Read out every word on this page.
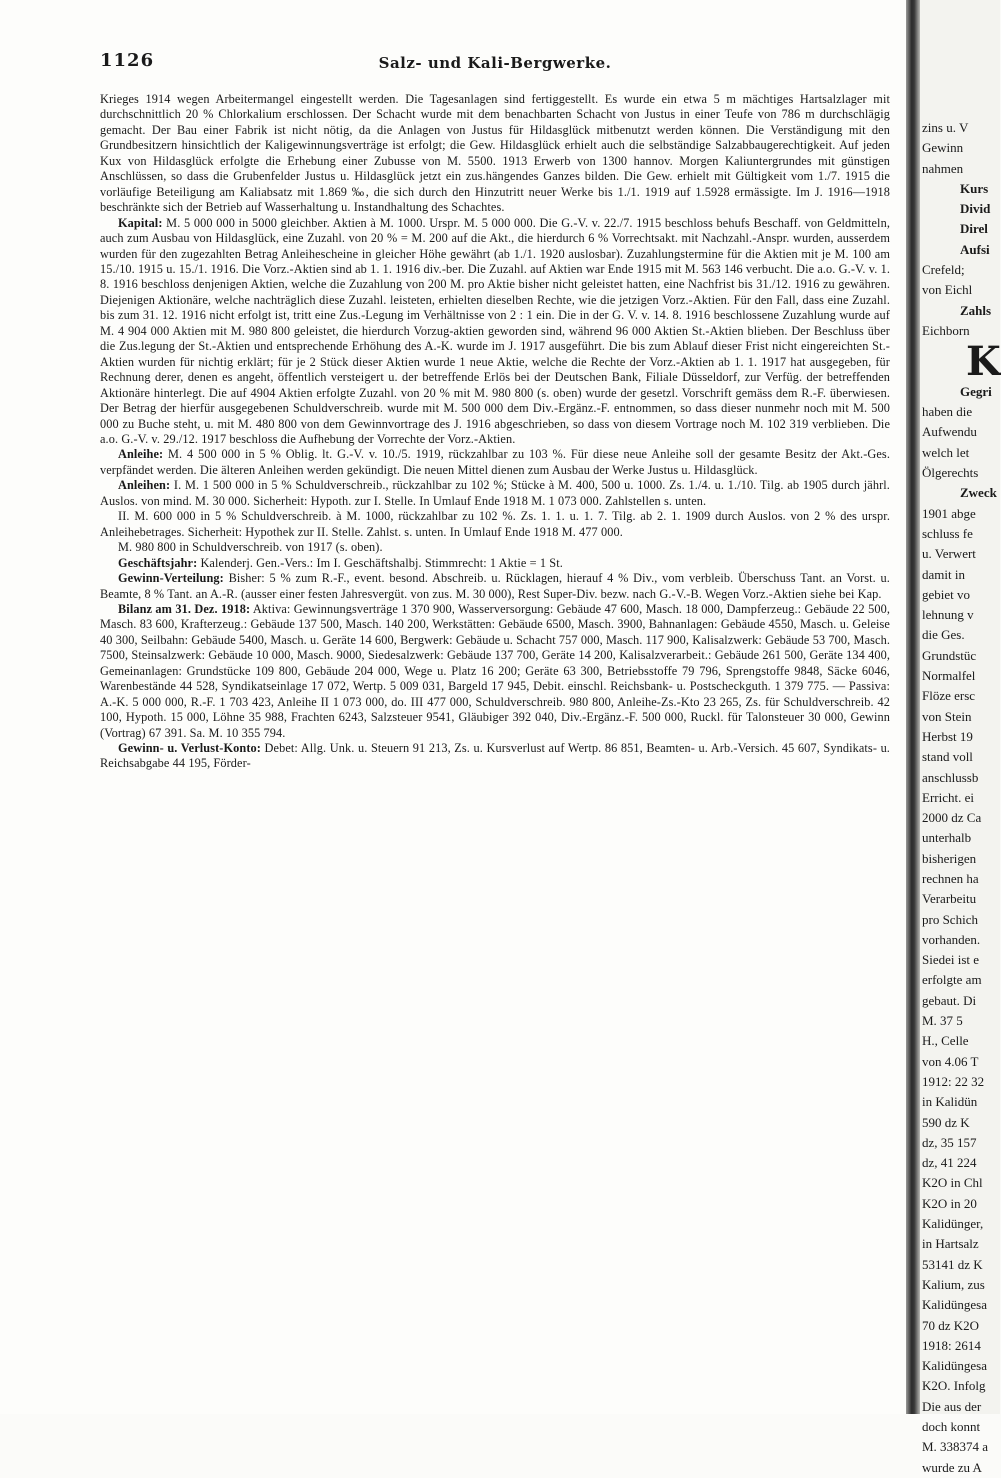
1126	Salz- und Kali-Bergwerke.

Krieges 1914 wegen Arbeitermangel eingestellt werden. Die Tagesanlagen sind fertiggestellt. Es wurde ein etwa 5 m mächtiges Hartsalzlager mit durchschnittlich 20 % Chlorkalium erschlossen. Der Schacht wurde mit dem benachbarten Schacht von Justus in einer Teufe von 786 m durchschlägig gemacht. Der Bau einer Fabrik ist nicht nötig, da die Anlagen von Justus für Hildasglück mitbenutzt werden können. Die Verständigung mit den Grundbesitzern hinsichtlich der Kaligewinnungsverträge ist erfolgt; die Gew. Hildasglück erhielt auch die selbständige Salzabbaugerechtigkeit. Auf jeden Kux von Hildasglück erfolgte die Erhebung einer Zubusse von M. 5500. 1913 Erwerb von 1300 hannov. Morgen Kaliuntergrundes mit günstigen Anschlüssen, so dass die Grubenfelder Justus u. Hildasglück jetzt ein zus.hängendes Ganzes bilden. Die Gew. erhielt mit Gültigkeit vom 1./7. 1915 die vorläufige Beteiligung am Kaliabsatz mit 1.869 ‰, die sich durch den Hinzutritt neuer Werke bis 1./1. 1919 auf 1.5928 ermässigte. Im J. 1916—1918 beschränkte sich der Betrieb auf Wasserhaltung u. Instandhaltung des Schachtes.

Kapital: M. 5 000 000 in 5000 gleichber. Aktien à M. 1000. Urspr. M. 5 000 000. Die G.-V. v. 22./7. 1915 beschloss behufs Beschaff. von Geldmitteln, auch zum Ausbau von Hildasglück, eine Zuzahl. von 20 % = M. 200 auf die Akt., die hierdurch 6 % Vorrechtsakt. mit Nachzahl.-Anspr. wurden, ausserdem wurden für den zugezahlten Betrag Anleihescheine in gleicher Höhe gewährt (ab 1./1. 1920 auslosbar). Zuzahlungstermine für die Aktien mit je M. 100 am 15./10. 1915 u. 15./1. 1916. Die Vorz.-Aktien sind ab 1. 1. 1916 div.-ber. Die Zuzahl. auf Aktien war Ende 1915 mit M. 563 146 verbucht. Die a.o. G.-V. v. 1. 8. 1916 beschloss denjenigen Aktien, welche die Zuzahlung von 200 M. pro Aktie bisher nicht geleistet hatten, eine Nachfrist bis 31./12. 1916 zu gewähren. Diejenigen Aktionäre, welche nachträglich diese Zuzahl. leisteten, erhielten dieselben Rechte, wie die jetzigen Vorz.-Aktien. Für den Fall, dass eine Zuzahl. bis zum 31. 12. 1916 nicht erfolgt ist, tritt eine Zus.-Legung im Verhältnisse von 2 : 1 ein. Die in der G. V. v. 14. 8. 1916 beschlossene Zuzahlung wurde auf M. 4 904 000 Aktien mit M. 980 800 geleistet, die hierdurch Vorzug-aktien geworden sind, während 96 000 Aktien St.-Aktien blieben. Der Beschluss über die Zus.legung der St.-Aktien und entsprechende Erhöhung des A.-K. wurde im J. 1917 ausgeführt. Die bis zum Ablauf dieser Frist nicht eingereichten St.-Aktien wurden für nichtig erklärt; für je 2 Stück dieser Aktien wurde 1 neue Aktie, welche die Rechte der Vorz.-Aktien ab 1. 1. 1917 hat ausgegeben, für Rechnung derer, denen es angeht, öffentlich versteigert u. der betreffende Erlös bei der Deutschen Bank, Filiale Düsseldorf, zur Verfüg. der betreffenden Aktionäre hinterlegt. Die auf 4904 Aktien erfolgte Zuzahl. von 20 % mit M. 980 800 (s. oben) wurde der gesetzl. Vorschrift gemäss dem R.-F. überwiesen. Der Betrag der hierfür ausgegebenen Schuldverschreib. wurde mit M. 500 000 dem Div.-Ergänz.-F. entnommen, so dass dieser nunmehr noch mit M. 500 000 zu Buche steht, u. mit M. 480 800 von dem Gewinnvortrage des J. 1916 abgeschrieben, so dass von diesem Vortrage noch M. 102 319 verblieben. Die a.o. G.-V. v. 29./12. 1917 beschloss die Aufhebung der Vorrechte der Vorz.-Aktien.

Anleihe: M. 4 500 000 in 5 % Oblig. lt. G.-V. v. 10./5. 1919, rückzahlbar zu 103 %. Für diese neue Anleihe soll der gesamte Besitz der Akt.-Ges. verpfändet werden. Die älteren Anleihen werden gekündigt. Die neuen Mittel dienen zum Ausbau der Werke Justus u. Hildasglück.

Anleihen: I. M. 1 500 000 in 5 % Schuldverschreib., rückzahlbar zu 102 %; Stücke à M. 400, 500 u. 1000. Zs. 1./4. u. 1./10. Tilg. ab 1905 durch jährl. Auslos. von mind. M. 30 000. Sicherheit: Hypoth. zur I. Stelle. In Umlauf Ende 1918 M. 1 073 000. Zahlstellen s. unten.

II. M. 600 000 in 5 % Schuldverschreib. à M. 1000, rückzahlbar zu 102 %. Zs. 1. 1. u. 1. 7. Tilg. ab 2. 1. 1909 durch Auslos. von 2 % des urspr. Anleihebetrages. Sicherheit: Hypothek zur II. Stelle. Zahlst. s. unten. In Umlauf Ende 1918 M. 477 000.

M. 980 800 in Schuldverschreib. von 1917 (s. oben).

Geschäftsjahr: Kalenderj. Gen.-Vers.: Im I. Geschäftshalbj. Stimmrecht: 1 Aktie = 1 St.

Gewinn-Verteilung: Bisher: 5 % zum R.-F., event. besond. Abschreib. u. Rücklagen, hierauf 4 % Div., vom verbleib. Überschuss Tant. an Vorst. u. Beamte, 8 % Tant. an A.-R. (ausser einer festen Jahresvergüt. von zus. M. 30 000), Rest Super-Div. bezw. nach G.-V.-B. Wegen Vorz.-Aktien siehe bei Kap.

Bilanz am 31. Dez. 1918: Aktiva: Gewinnungsverträge 1 370 900, Wasserversorgung: Gebäude 47 600, Masch. 18 000, Dampferzeug.: Gebäude 22 500, Masch. 83 600, Krafterzeug.: Gebäude 137 500, Masch. 140 200, Werkstätten: Gebäude 6500, Masch. 3900, Bahnanlagen: Gebäude 4550, Masch. u. Geleise 40 300, Seilbahn: Gebäude 5400, Masch. u. Geräte 14 600, Bergwerk: Gebäude u. Schacht 757 000, Masch. 117 900, Kalisalzwerk: Gebäude 53 700, Masch. 7500, Steinsalzwerk: Gebäude 10 000, Masch. 9000, Siedesalzwerk: Gebäude 137 700, Geräte 14 200, Kalisalzverarbeit.: Gebäude 261 500, Geräte 134 400, Gemeinanlagen: Grundstücke 109 800, Gebäude 204 000, Wege u. Platz 16 200; Geräte 63 300, Betriebsstoffe 79 796, Sprengstoffe 9848, Säcke 6046, Warenbestände 44 528, Syndikatseinlage 17 072, Wertp. 5 009 031, Bargeld 17 945, Debit. einschl. Reichsbank- u. Postscheckguth. 1 379 775. — Passiva: A.-K. 5 000 000, R.-F. 1 703 423, Anleihe II 1 073 000, do. III 477 000, Schuldverschreib. 980 800, Anleihe-Zs.-Kto 23 265, Zs. für Schuldverschreib. 42 100, Hypoth. 15 000, Löhne 35 988, Frachten 6243, Salzsteuer 9541, Gläubiger 392 040, Div.-Ergänz.-F. 500 000, Ruckl. für Talonsteuer 30 000, Gewinn (Vortrag) 67 391. Sa. M. 10 355 794.

Gewinn- u. Verlust-Konto: Debet: Allg. Unk. u. Steuern 91 213, Zs. u. Kursverlust auf Wertp. 86 851, Beamten- u. Arb.-Versich. 45 607, Syndikats- u. Reichsabgabe 44 195, Förder-

zins u. V
Gewinn
nahmen
Kurs
Divid
Direl
Aufsi
Crefeld;
von Eichl
Zahls
Eichborn
Gegri
haben die
Aufwendu
welch let
Ölgerechts
Zweck
1901 abge
schluss fe
u. Verwert
damit in
gebiet vo
lehnung v
die Ges.
Grundstüc
Normalfel
Flöze ersc
von Stein
Herbst 19
stand voll
anschlussb
Erricht. ei
2000 dz Ca
unterhalb
bisherigen
rechnen ha
Verarbeitu
pro Schich
vorhanden.
Siedei ist e
erfolgte am
gebaut. Di
M. 37 5
H., Celle
von 4.06 T
1912: 22 32
in Kalidün
590 dz K
dz, 35 157
dz, 41 224
K2O in Chl
K2O in 20
Kalidünger,
in Hartsalz
53141 dz K
Kalium, zus
Kalidüngesa
70 dz K2O
1918: 2614
Kalidüngesa
K2O. Infolg
Die aus der
doch konnt
M. 338374 a
wurde zu A
K
